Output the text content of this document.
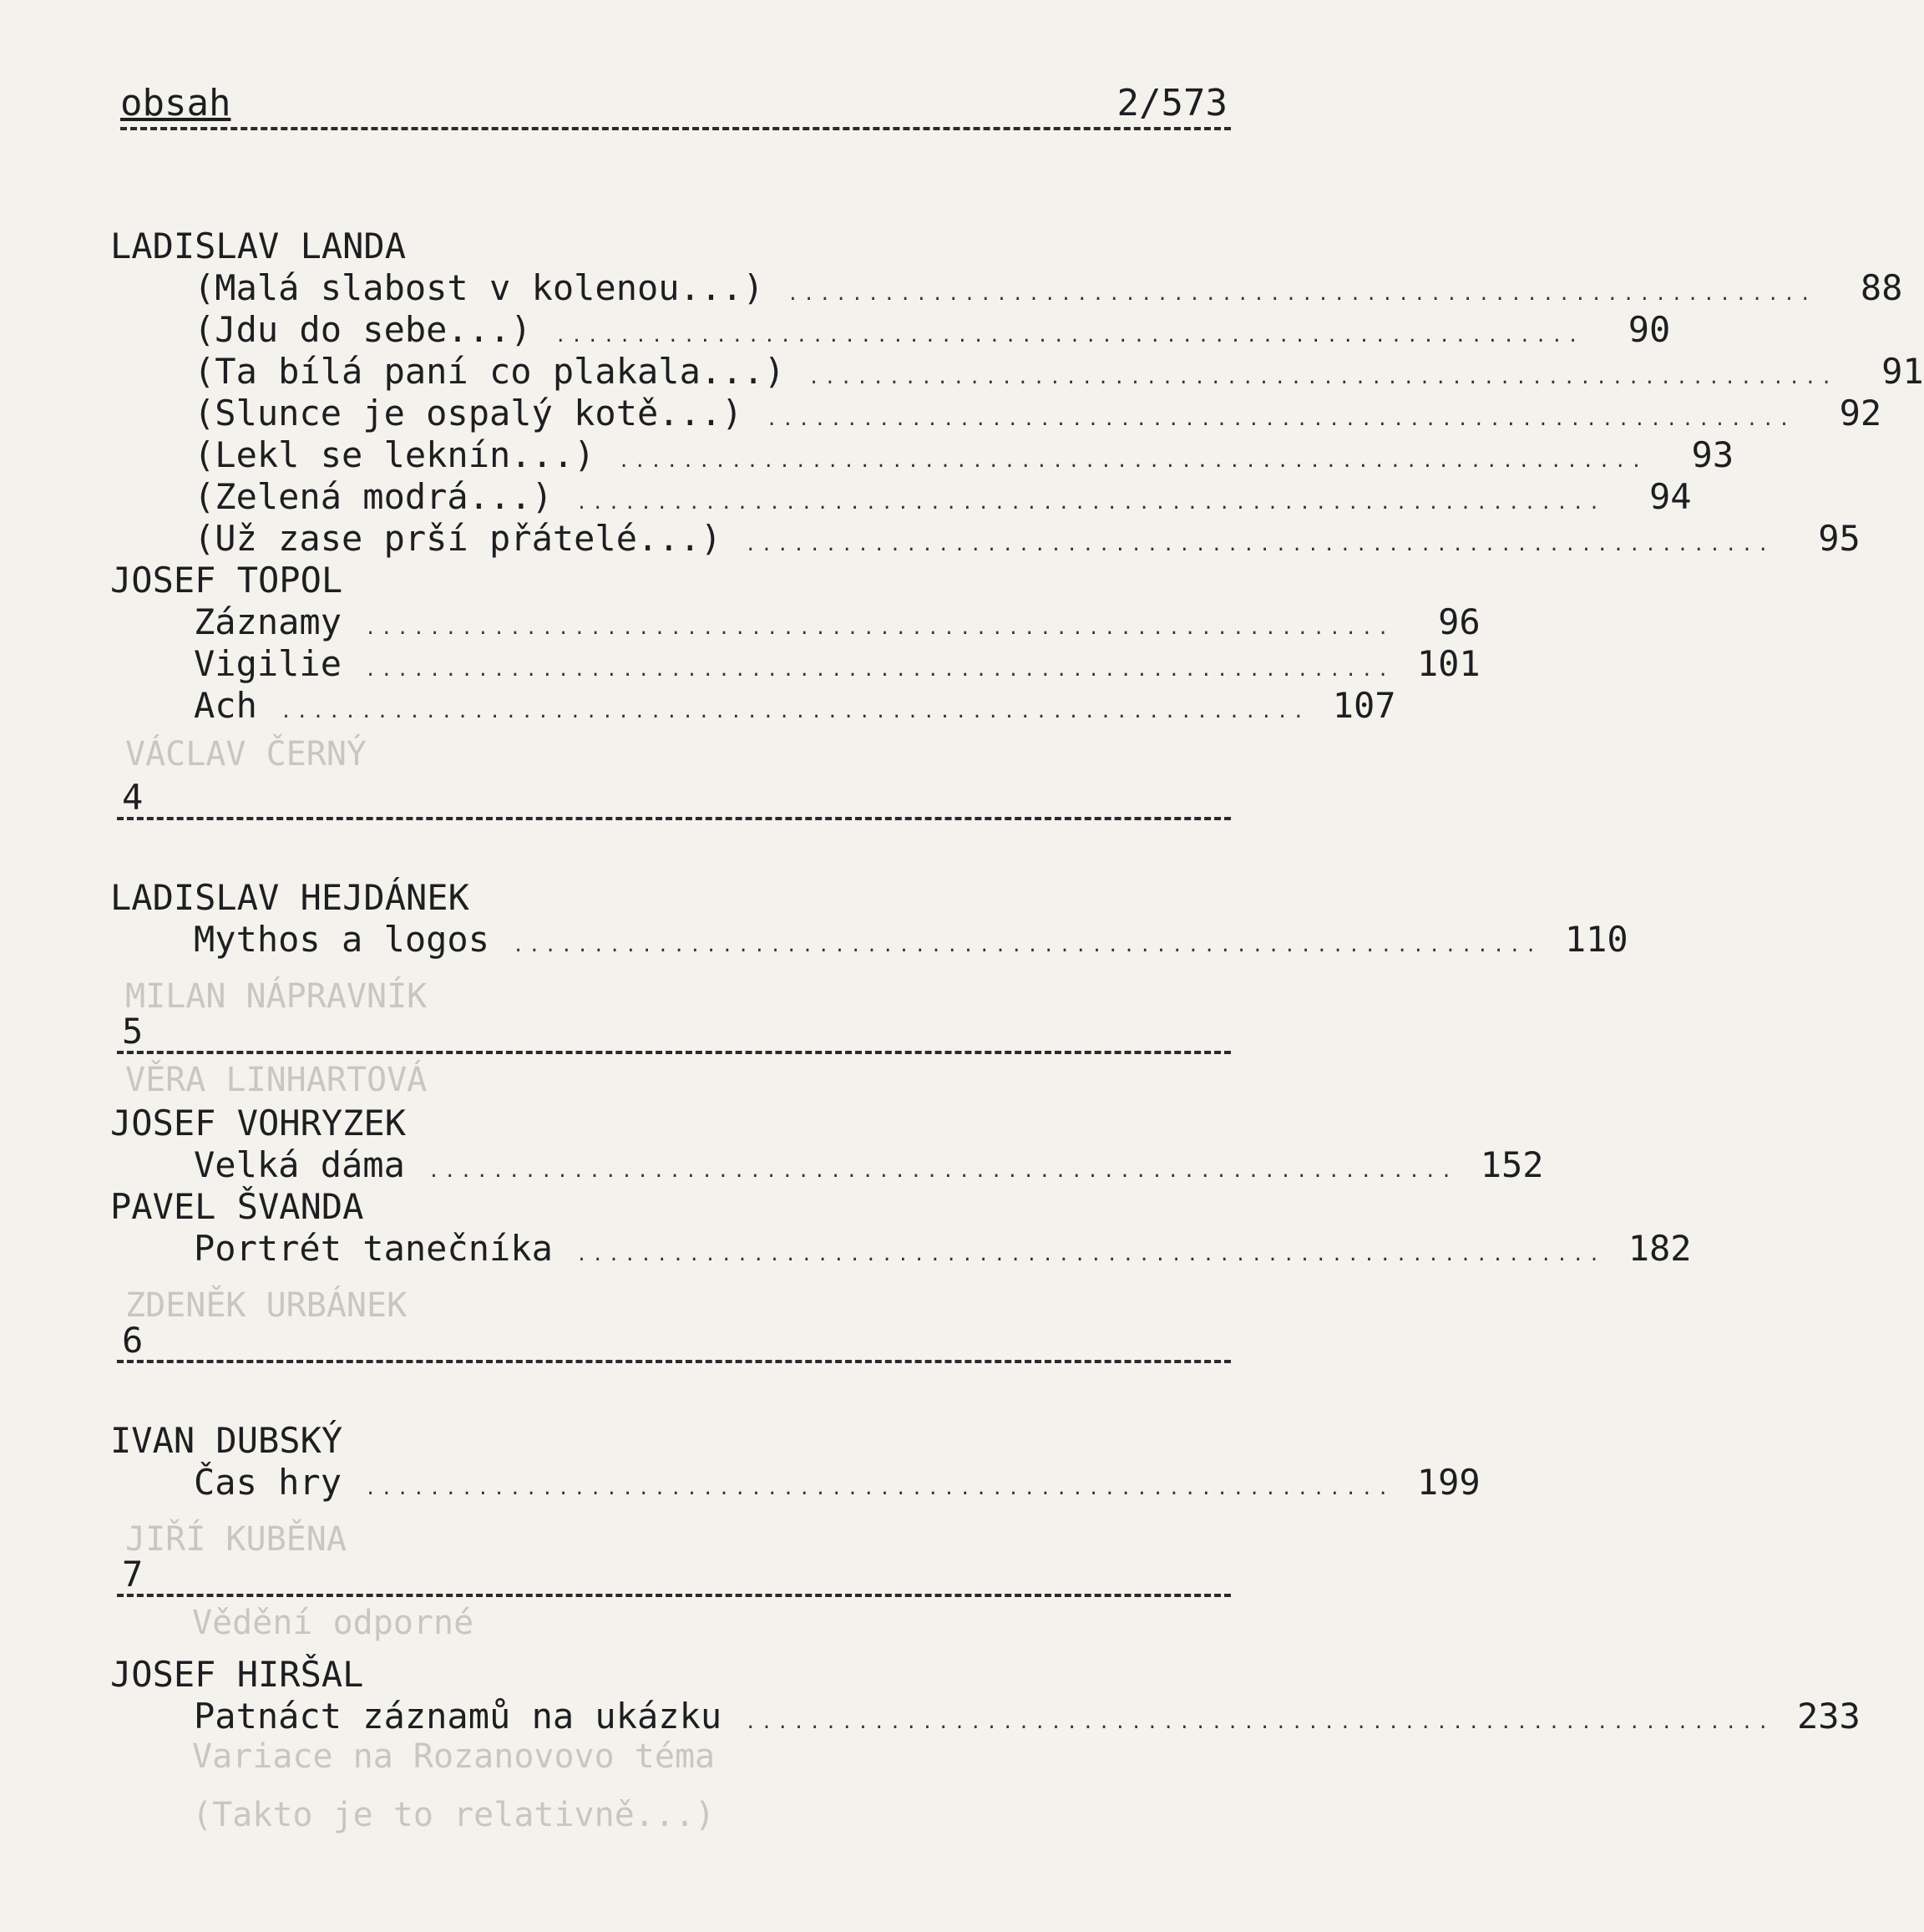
VÁCLAV ČERNÝ
MILAN NÁPRAVNÍK
VĚRA LINHARTOVÁ
ZDENĚK URBÁNEK
JIŘÍ KUBĚNA
Vědění odporné
Variace na Rozanovovo téma
(Takto je to relativně...)
obsah	2/573
LADISLAV LANDA
(Malá slabost v kolenou...) ................................................................	88
(Jdu do sebe...) ................................................................	90
(Ta bílá paní co plakala...) ................................................................	91
(Slunce je ospalý kotě...) ................................................................	92
(Lekl se leknín...) ................................................................	93
(Zelená modrá...) ................................................................	94
(Už zase prší přátelé...) ................................................................	95
JOSEF TOPOL
Záznamy ................................................................	96
Vigilie ................................................................ 101
Ach ................................................................ 107
4
LADISLAV HEJDÁNEK
Mythos a logos ................................................................ 110
5
JOSEF VOHRYZEK
Velká dáma ................................................................ 152
PAVEL ŠVANDA
Portrét tanečníka ................................................................ 182
6
IVAN DUBSKÝ
Čas hry ................................................................ 199
7
JOSEF HIRŠAL
Patnáct záznamů na ukázku ................................................................ 233
